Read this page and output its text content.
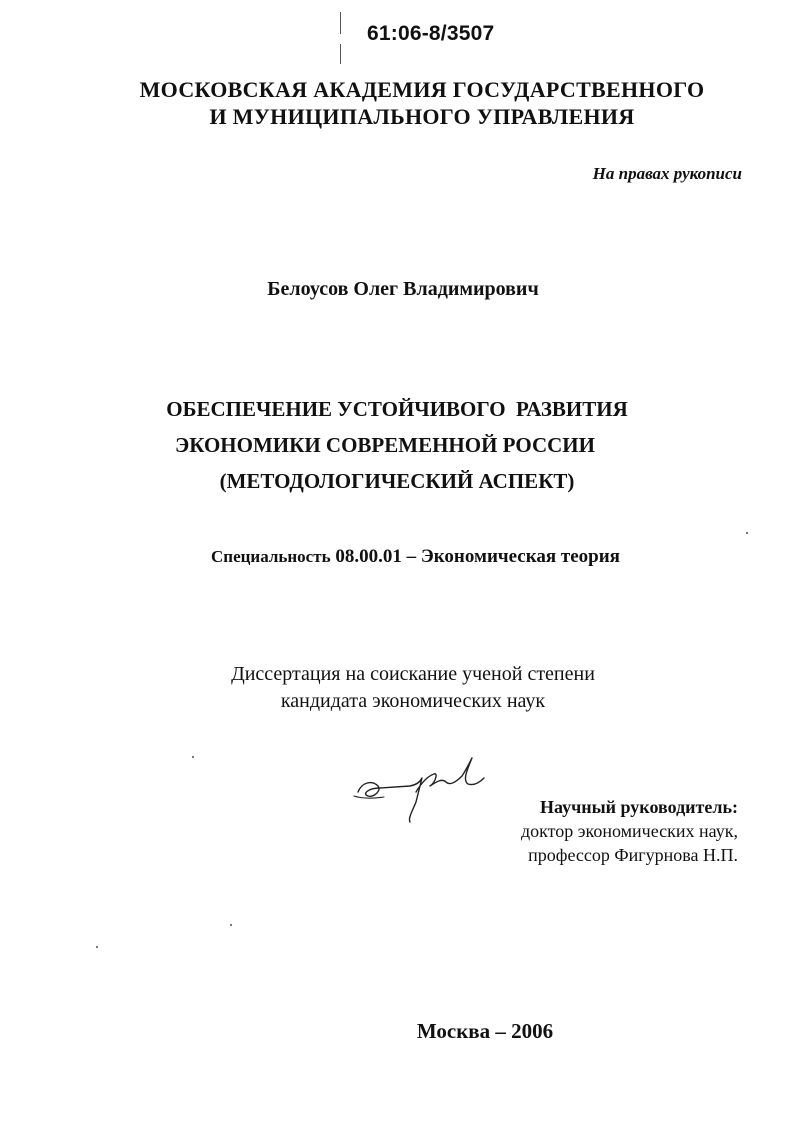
61:06-8/3507
МОСКОВСКАЯ АКАДЕМИЯ ГОСУДАРСТВЕННОГО
И МУНИЦИПАЛЬНОГО УПРАВЛЕНИЯ
На правах рукописи
Белоусов Олег Владимирович
ОБЕСПЕЧЕНИЕ УСТОЙЧИВОГО  РАЗВИТИЯ
ЭКОНОМИКИ СОВРЕМЕННОЙ РОССИИ
(МЕТОДОЛОГИЧЕСКИЙ АСПЕКТ)
Специальность 08.00.01 – Экономическая теория
Диссертация на соискание ученой степени
кандидата экономических наук
Научный руководитель:
доктор экономических наук,
профессор Фигурнова Н.П.
Москва – 2006
